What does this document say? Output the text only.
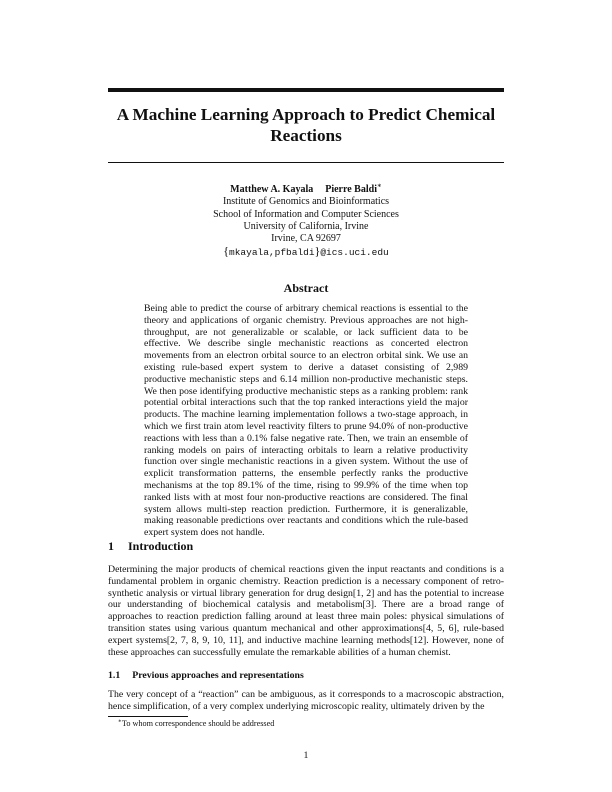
A Machine Learning Approach to Predict Chemical Reactions
Matthew A. Kayala Pierre Baldi∗
Institute of Genomics and Bioinformatics
School of Information and Computer Sciences
University of California, Irvine
Irvine, CA 92697
{mkayala,pfbaldi}@ics.uci.edu
Abstract
Being able to predict the course of arbitrary chemical reactions is essential to the theory and applications of organic chemistry. Previous approaches are not high-throughput, are not generalizable or scalable, or lack sufficient data to be effective. We describe single mechanistic reactions as concerted electron movements from an electron orbital source to an electron orbital sink. We use an existing rule-based expert system to derive a dataset consisting of 2,989 productive mechanistic steps and 6.14 million non-productive mechanistic steps. We then pose identifying productive mechanistic steps as a ranking problem: rank potential orbital interactions such that the top ranked interactions yield the major products. The machine learning implementation follows a two-stage approach, in which we first train atom level reactivity filters to prune 94.0% of non-productive reactions with less than a 0.1% false negative rate. Then, we train an ensemble of ranking models on pairs of interacting orbitals to learn a relative productivity function over single mechanistic reactions in a given system. Without the use of explicit transformation patterns, the ensemble perfectly ranks the productive mechanisms at the top 89.1% of the time, rising to 99.9% of the time when top ranked lists with at most four non-productive reactions are considered. The final system allows multi-step reaction prediction. Furthermore, it is generalizable, making reasonable predictions over reactants and conditions which the rule-based expert system does not handle.
1 Introduction
Determining the major products of chemical reactions given the input reactants and conditions is a fundamental problem in organic chemistry. Reaction prediction is a necessary component of retro-synthetic analysis or virtual library generation for drug design[1, 2] and has the potential to increase our understanding of biochemical catalysis and metabolism[3]. There are a broad range of approaches to reaction prediction falling around at least three main poles: physical simulations of transition states using various quantum mechanical and other approximations[4, 5, 6], rule-based expert systems[2, 7, 8, 9, 10, 11], and inductive machine learning methods[12]. However, none of these approaches can successfully emulate the remarkable abilities of a human chemist.
1.1 Previous approaches and representations
The very concept of a “reaction” can be ambiguous, as it corresponds to a macroscopic abstraction, hence simplification, of a very complex underlying microscopic reality, ultimately driven by the
∗To whom correspondence should be addressed
1
